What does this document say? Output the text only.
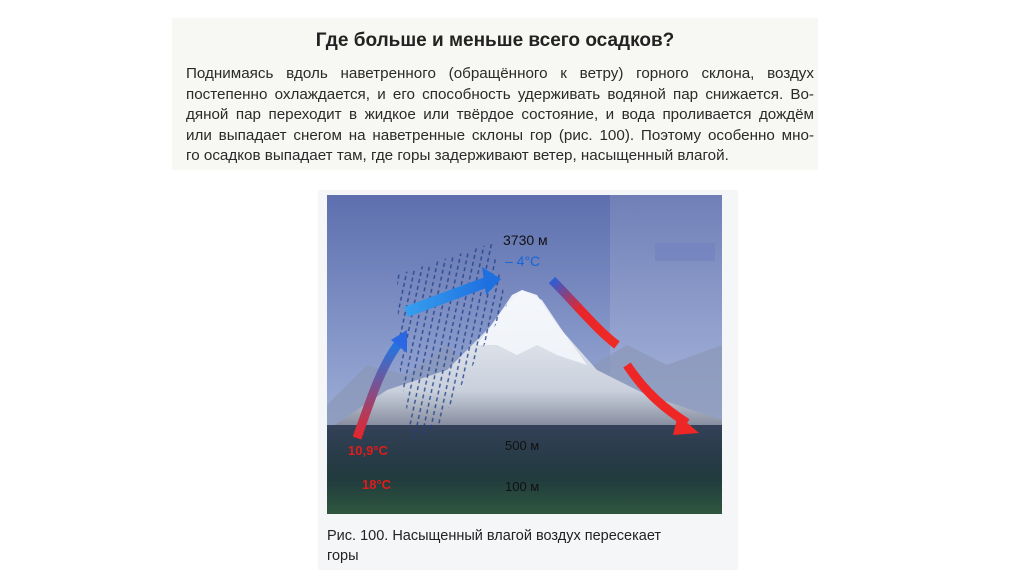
Где больше и меньше всего осадков?
Поднимаясь вдоль наветренного (обращённого к ветру) горного склона, воздух
постепенно охлаждается, и его способность удерживать водяной пар снижается. Во-
дяной пар переходит в жидкое или твёрдое состояние, и вода проливается дождём
или выпадает снегом на наветренные склоны гор (рис. 100). Поэтому особенно мно-
го осадков выпадает там, где горы задерживают ветер, насыщенный влагой.
3730 м
– 4°C
500 м
100 м
10,9°C
18°C
Рис. 100. Насыщенный влагой воздух пересекает
горы
